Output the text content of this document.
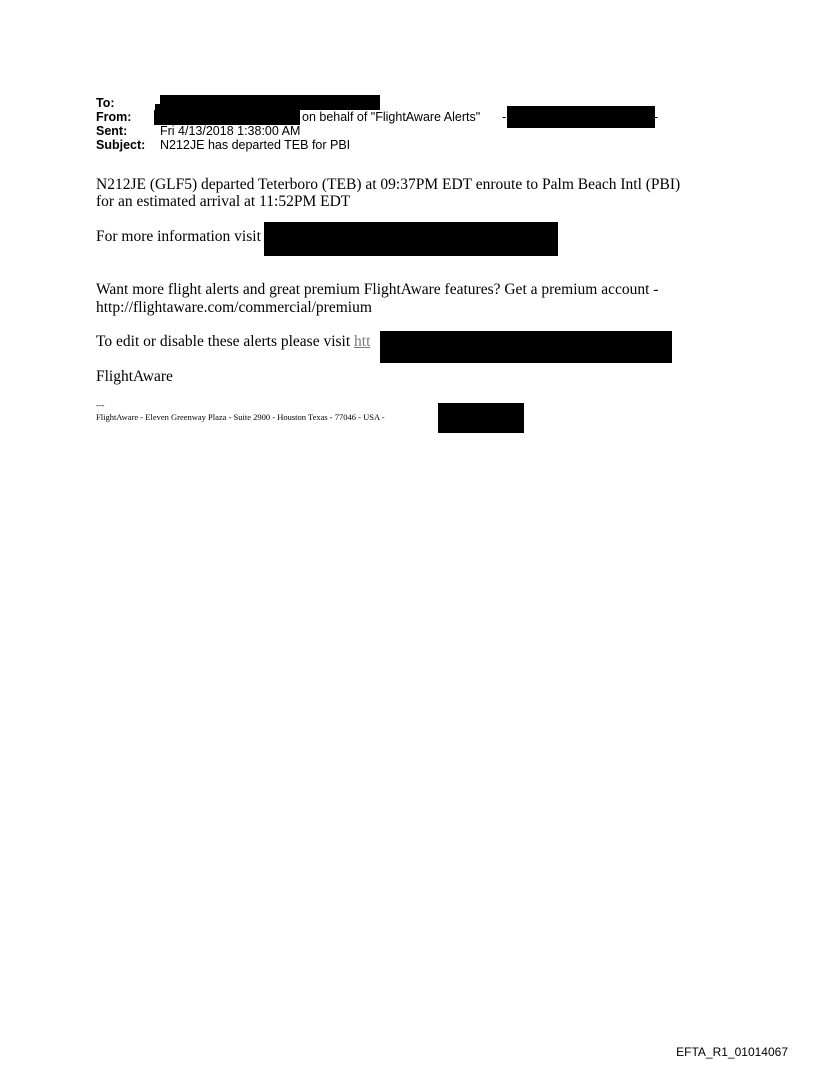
To:
From:	on behalf of "FlightAware Alerts" -	-
Sent:	Fri 4/13/2018 1:38:00 AM
Subject: N212JE has departed TEB for PBI
N212JE (GLF5) departed Teterboro (TEB) at 09:37PM EDT enroute to Palm Beach Intl (PBI)
for an estimated arrival at 11:52PM EDT
For more information visit
Want more flight alerts and great premium FlightAware features? Get a premium account -
http://flightaware.com/commercial/premium
To edit or disable these alerts please visit htt
FlightAware
---
FlightAware - Eleven Greenway Plaza - Suite 2900 - Houston Texas - 77046 - USA -
EFTA_R1_01014067
